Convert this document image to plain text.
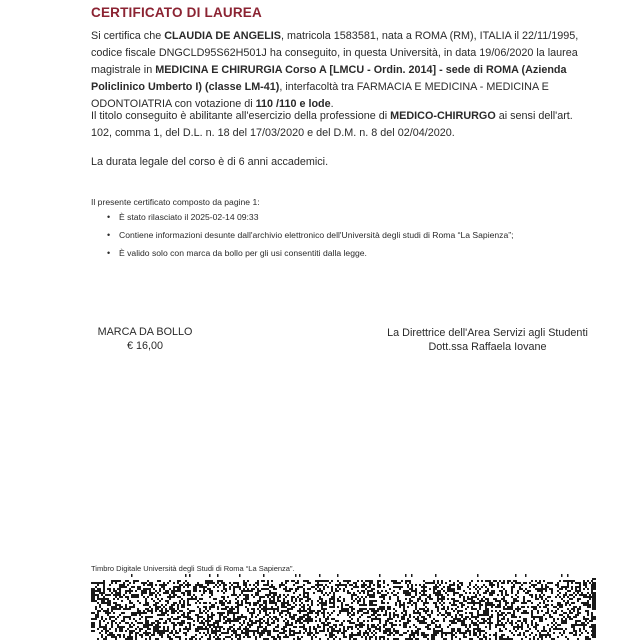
CERTIFICATO DI LAUREA
Si certifica che CLAUDIA DE ANGELIS, matricola 1583581, nata a ROMA (RM), ITALIA il 22/11/1995, codice fiscale DNGCLD95S62H501J ha conseguito, in questa Università, in data 19/06/2020 la laurea magistrale in MEDICINA E CHIRURGIA Corso A [LMCU - Ordin. 2014] - sede di ROMA (Azienda Policlinico Umberto I) (classe LM-41), interfacoltà tra FARMACIA E MEDICINA - MEDICINA E ODONTOIATRIA con votazione di 110 /110 e lode.
Il titolo conseguito è abilitante all'esercizio della professione di MEDICO-CHIRURGO ai sensi dell'art. 102, comma 1, del D.L. n. 18 del 17/03/2020 e del D.M. n. 8 del 02/04/2020.
La durata legale del corso è di 6 anni accademici.
Il presente certificato composto da pagine 1:
• È stato rilasciato il 2025-02-14 09:33
• Contiene informazioni desunte dall'archivio elettronico dell'Università degli studi di Roma “La Sapienza”;
• È valido solo con marca da bollo per gli usi consentiti dalla legge.
MARCA DA BOLLO
€ 16,00
La Direttrice dell'Area Servizi agli Studenti
Dott.ssa Raffaela Iovane
Timbro Digitale Università degli Studi di Roma “La Sapienza”.
